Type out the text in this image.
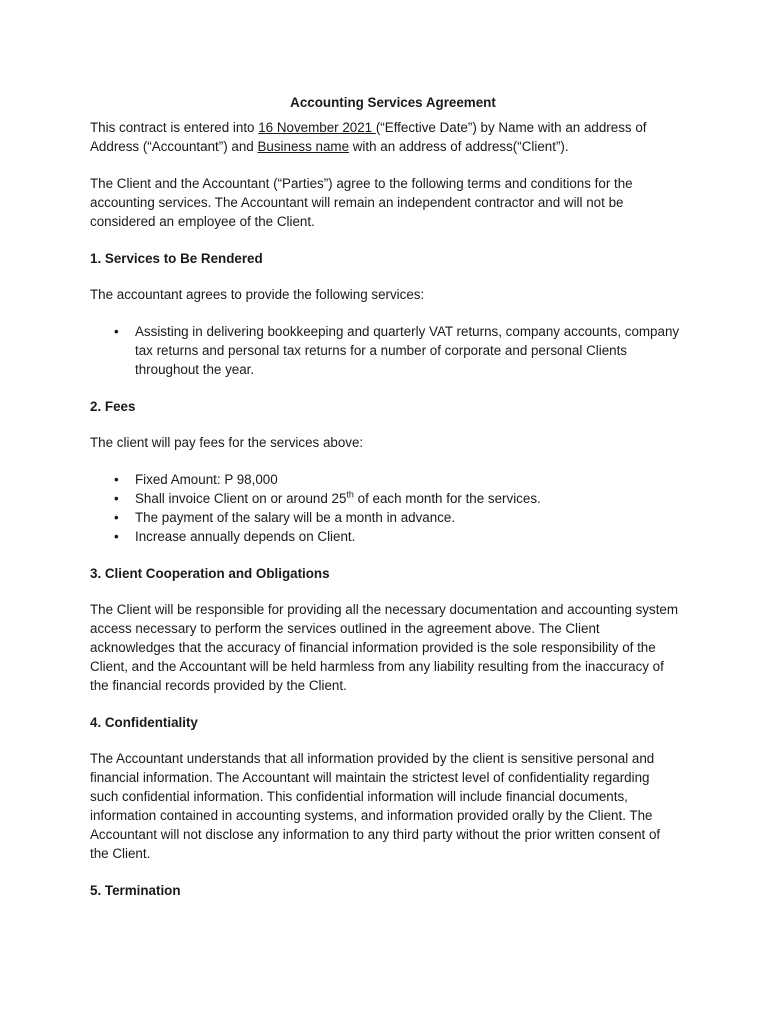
Accounting Services Agreement

This contract is entered into 16 November 2021 (“Effective Date”) by Name with an address of Address (“Accountant”) and Business name with an address of address(“Client”).

The Client and the Accountant (“Parties”) agree to the following terms and conditions for the accounting services. The Accountant will remain an independent contractor and will not be considered an employee of the Client.

1. Services to Be Rendered

The accountant agrees to provide the following services:

• Assisting in delivering bookkeeping and quarterly VAT returns, company accounts, company tax returns and personal tax returns for a number of corporate and personal Clients throughout the year.

2. Fees

The client will pay fees for the services above:

• Fixed Amount: P 98,000
• Shall invoice Client on or around 25th of each month for the services.
• The payment of the salary will be a month in advance.
• Increase annually depends on Client.

3. Client Cooperation and Obligations

The Client will be responsible for providing all the necessary documentation and accounting system access necessary to perform the services outlined in the agreement above. The Client acknowledges that the accuracy of financial information provided is the sole responsibility of the Client, and the Accountant will be held harmless from any liability resulting from the inaccuracy of the financial records provided by the Client.

4. Confidentiality

The Accountant understands that all information provided by the client is sensitive personal and financial information. The Accountant will maintain the strictest level of confidentiality regarding such confidential information. This confidential information will include financial documents, information contained in accounting systems, and information provided orally by the Client. The Accountant will not disclose any information to any third party without the prior written consent of the Client.

5. Termination
